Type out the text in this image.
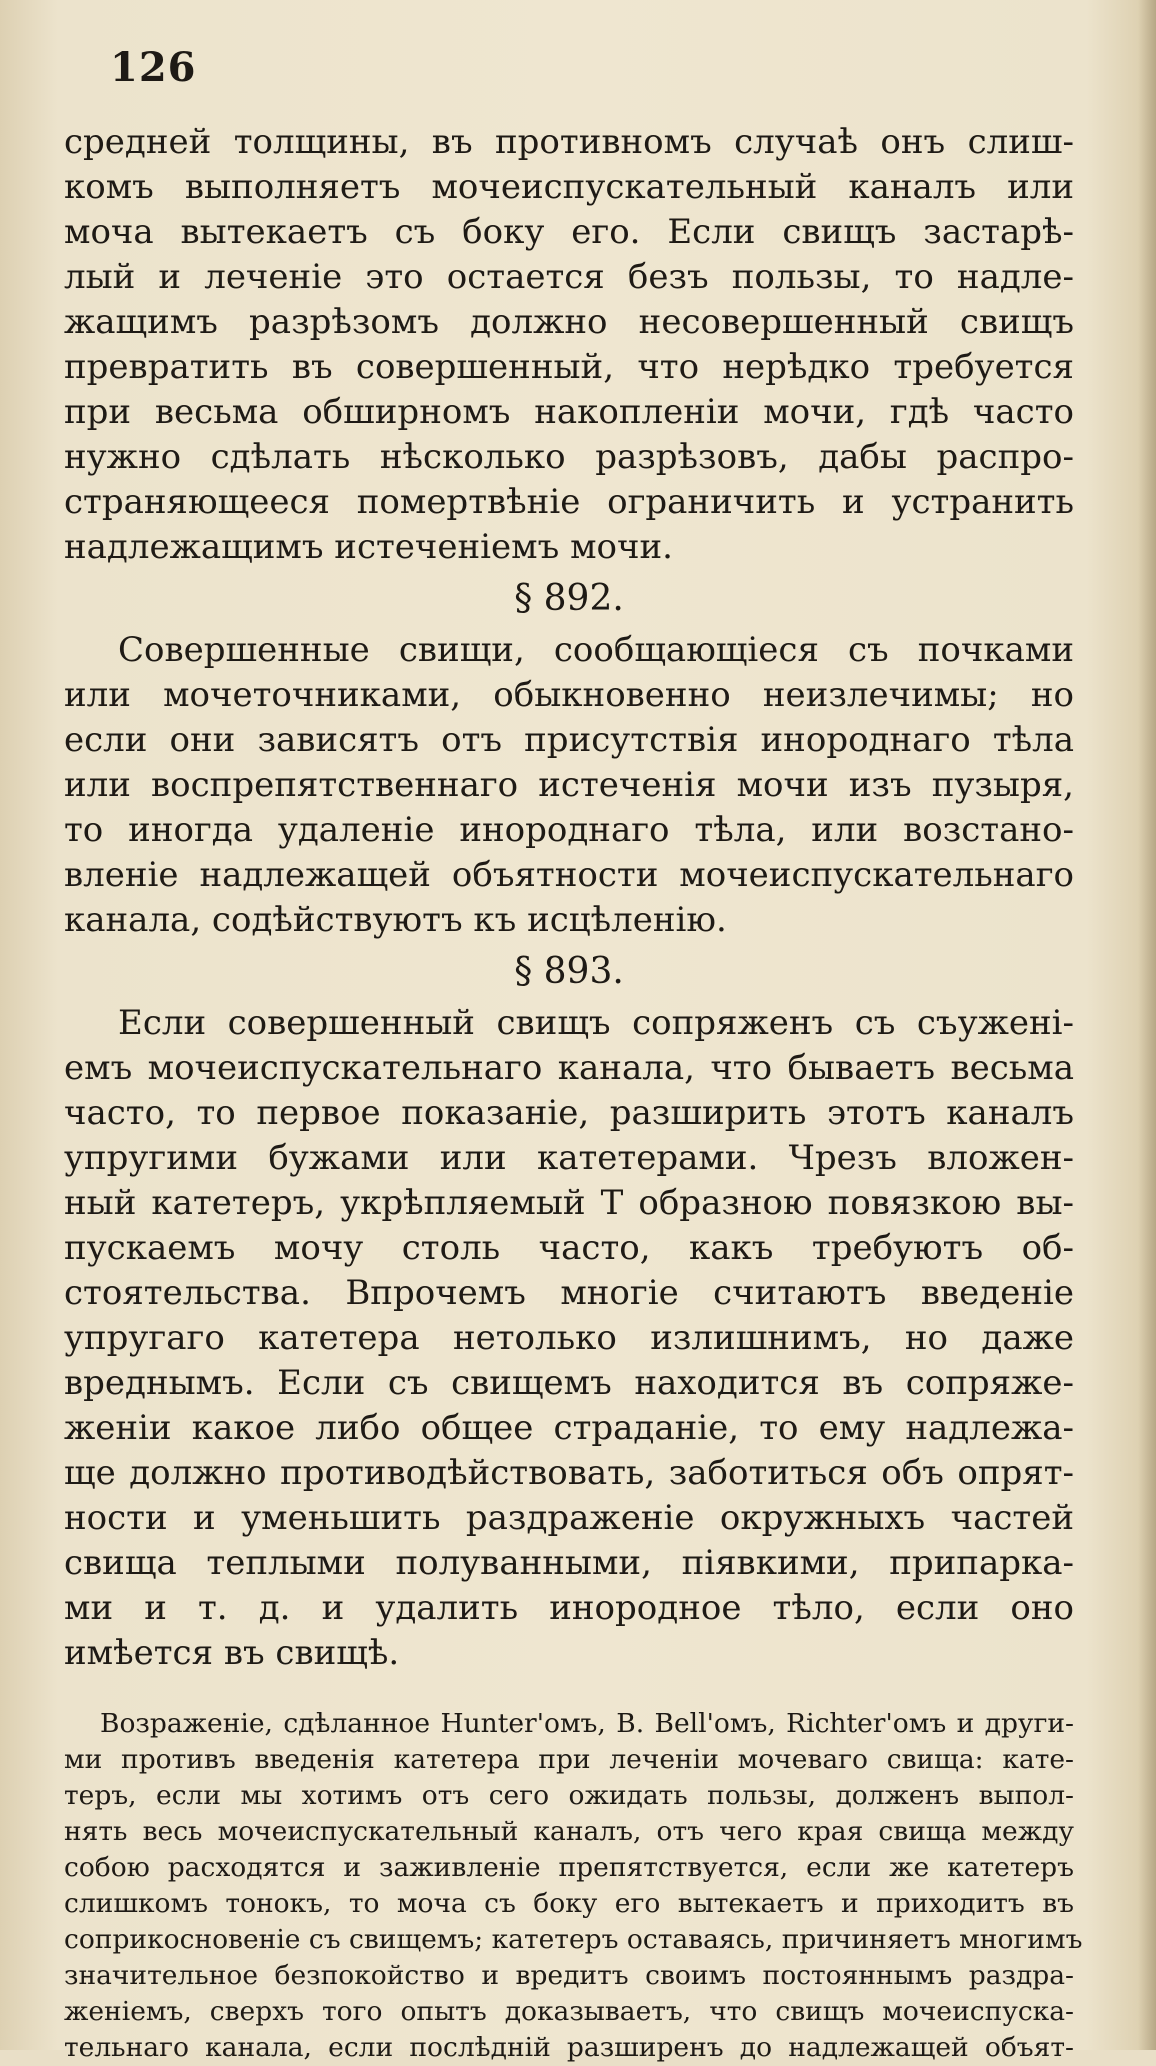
126
средней толщины, въ противномъ случаѣ онъ слиш-
комъ выполняетъ мочеиспускательный каналъ или
моча вытекаетъ съ боку его. Если свищъ застарѣ-
лый и леченіе это остается безъ пользы, то надле-
жащимъ разрѣзомъ должно несовершенный свищъ
превратить въ совершенный, что нерѣдко требуется
при весьма обширномъ накопленіи мочи, гдѣ часто
нужно сдѣлать нѣсколько разрѣзовъ, дабы распро-
страняющееся помертвѣніе ограничить и устранить
надлежащимъ истеченіемъ мочи.
§ 892.
Совершенные свищи, сообщающіеся съ почками
или мочеточниками, обыкновенно неизлечимы; но
если они зависятъ отъ присутствія инороднаго тѣла
или воспрепятственнаго истеченія мочи изъ пузыря,
то иногда удаленіе инороднаго тѣла, или возстано-
вленіе надлежащей объятности мочеиспускательнаго
канала, содѣйствуютъ къ исцѣленію.
§ 893.
Если совершенный свищъ сопряженъ съ съуженi-
емъ мочеиспускательнаго канала, что бываетъ весьма
часто, то первое показаніе, разширить этотъ каналъ
упругими бужами или катетерами. Чрезъ вложен-
ный катетеръ, укрѣпляемый Т образною повязкою вы-
пускаемъ мочу столь часто, какъ требуютъ об-
стоятельства. Впрочемъ многіе считаютъ введеніе
упругаго катетера нетолько излишнимъ, но даже
вреднымъ. Если съ свищемъ находится въ сопряже-
женіи какое либо общее страданіе, то ему надлежа-
ще должно противодѣйствовать, заботиться объ опрят-
ности и уменьшить раздраженіе окружныхъ частей
свища теплыми полуванными, піявкими, припарка-
ми и т. д. и удалить инородное тѣло, если оно
имѣется въ свищѣ.
Возраженіе, сдѣланное Hunter'омъ, B. Bell'омъ, Richter'омъ и други-
ми противъ введенія катетера при леченіи мочеваго свища: кате-
теръ, если мы хотимъ отъ сего ожидать пользы, долженъ выпол-
нять весь мочеиспускательный каналъ, отъ чего края свища между
собою расходятся и заживленіе препятствуется, если же катетеръ
слишкомъ тонокъ, то моча съ боку его вытекаетъ и приходитъ въ
соприкосновеніе съ свищемъ; катетеръ оставаясь, причиняетъ многимъ
значительное безпокойство и вредитъ своимъ постояннымъ раздра-
женіемъ, сверхъ того опытъ доказываетъ, что свищъ мочеиспуска-
тельнаго канала, если послѣдній разширенъ до надлежащей объят-
